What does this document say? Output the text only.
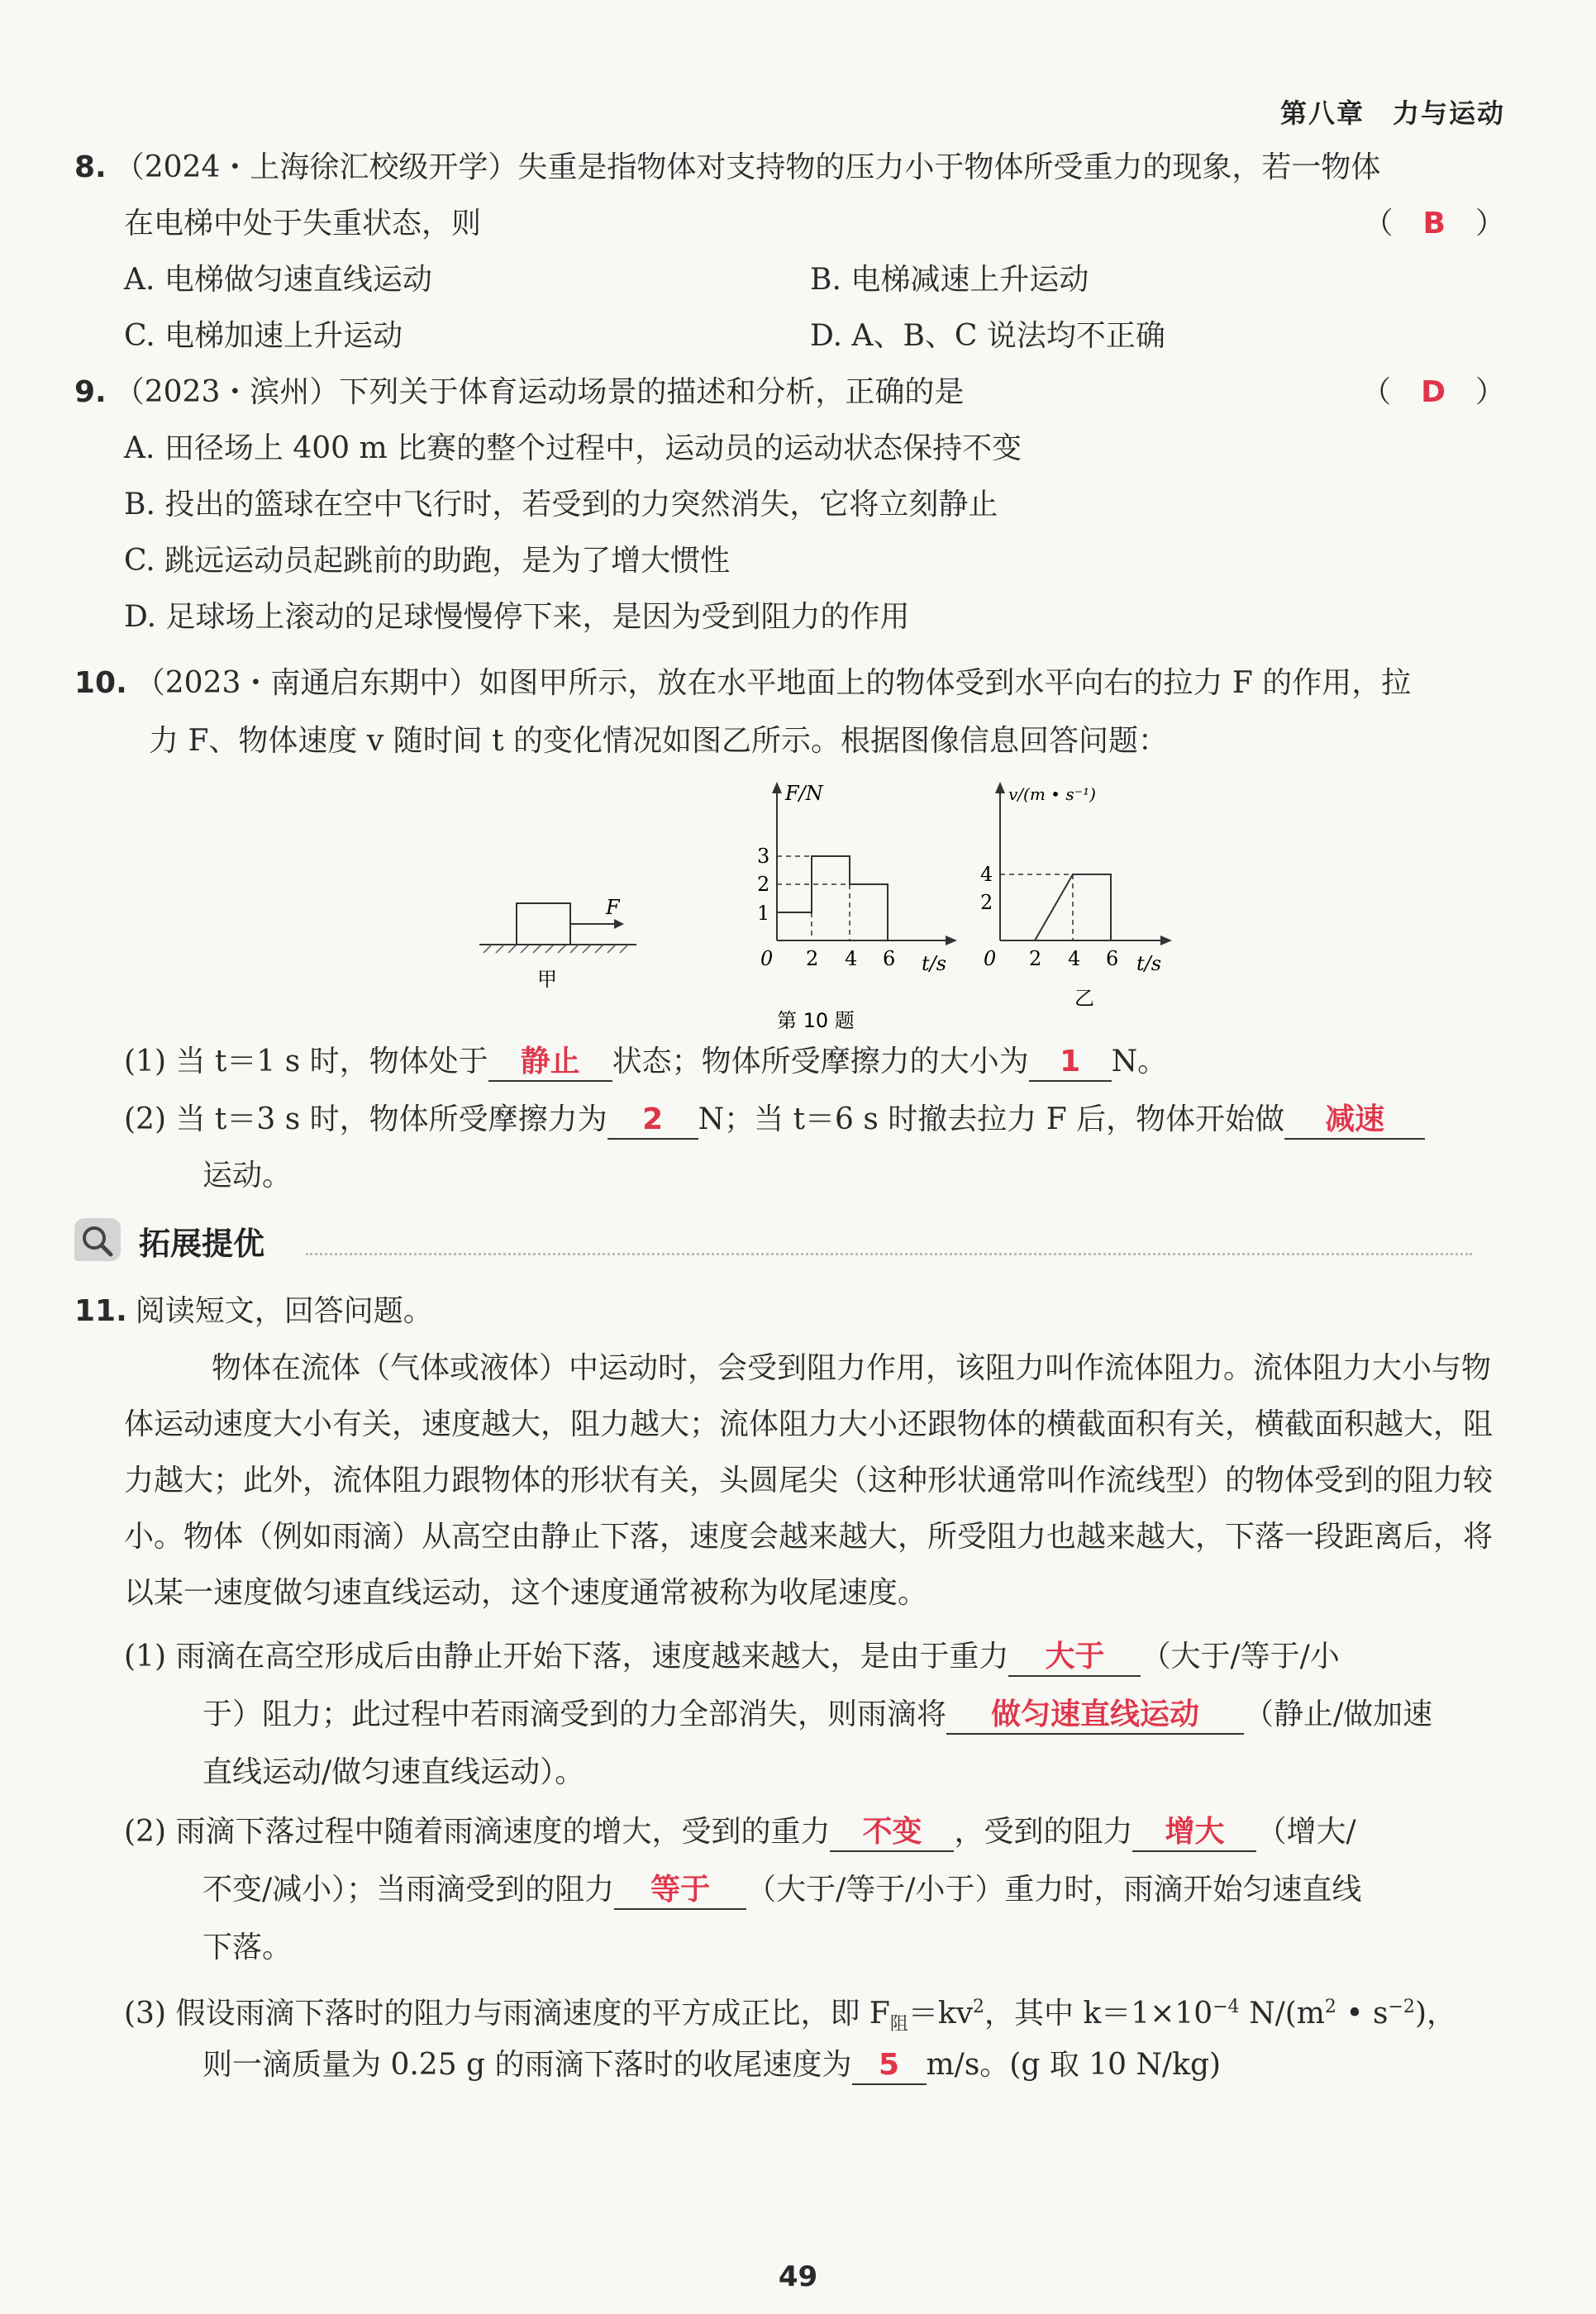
第八章　力与运动
8. （2024・上海徐汇校级开学）失重是指物体对支持物的压力小于物体所受重力的现象，若一物体
在电梯中处于失重状态，则	（　B　）
A. 电梯做匀速直线运动	B. 电梯减速上升运动
C. 电梯加速上升运动	D. A、B、C 说法均不正确
9. （2023・滨州）下列关于体育运动场景的描述和分析，正确的是	（　D　）
A. 田径场上 400 m 比赛的整个过程中，运动员的运动状态保持不变
B. 投出的篮球在空中飞行时，若受到的力突然消失，它将立刻静止
C. 跳远运动员起跳前的助跑，是为了增大惯性
D. 足球场上滚动的足球慢慢停下来，是因为受到阻力的作用
10. （2023・南通启东期中）如图甲所示，放在水平地面上的物体受到水平向右的拉力 F 的作用，拉
力 F、物体速度 v 随时间 t 的变化情况如图乙所示。根据图像信息回答问题：
F
甲
F/N
t/s
1
2
3
0 2 4 6
v/(m • s⁻¹)
t/s
2
4
0 2 4 6
乙
第 10 题
(1) 当 t＝1 s 时，物体处于 静止 状态；物体所受摩擦力的大小为 1 N。
(2) 当 t＝3 s 时，物体所受摩擦力为 2 N；当 t＝6 s 时撤去拉力 F 后，物体开始做 减速
运动。
拓展提优
11. 阅读短文，回答问题。
物体在流体（气体或液体）中运动时，会受到阻力作用，该阻力叫作流体阻力。流体阻力大小与物体运动速度大小有关，速度越大，阻力越大；流体阻力大小还跟物体的横截面积有关，横截面积越大，阻力越大；此外，流体阻力跟物体的形状有关，头圆尾尖（这种形状通常叫作流线型）的物体受到的阻力较小。物体（例如雨滴）从高空由静止下落，速度会越来越大，所受阻力也越来越大，下落一段距离后，将以某一速度做匀速直线运动，这个速度通常被称为收尾速度。
(1) 雨滴在高空形成后由静止开始下落，速度越来越大，是由于重力 大于 （大于/等于/小
于）阻力；此过程中若雨滴受到的力全部消失，则雨滴将 做匀速直线运动 （静止/做加速
直线运动/做匀速直线运动）。
(2) 雨滴下落过程中随着雨滴速度的增大，受到的重力 不变 ，受到的阻力 增大 （增大/
不变/减小）；当雨滴受到的阻力 等于 （大于/等于/小于）重力时，雨滴开始匀速直线
下落。
(3) 假设雨滴下落时的阻力与雨滴速度的平方成正比，即 $F_阻=kv^2$，其中 $k=1\times 10^{-4}$ $N/(m^2$ • $s^{-2}$)，
则一滴质量为 0.25 g 的雨滴下落时的收尾速度为 5 m/s。(g 取 10 N/kg)
49
